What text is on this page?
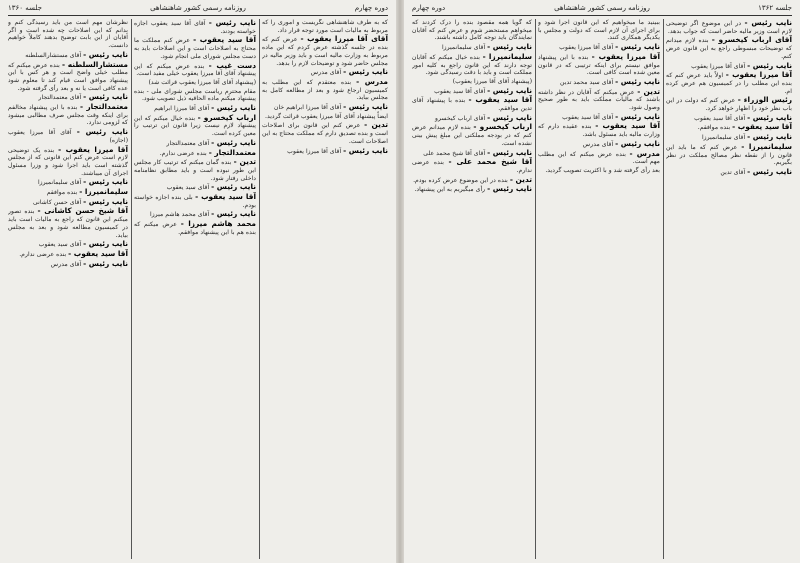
دوره چهارم
روزنامه رسمی کشور شاهنشاهی
جلسه ۱۳۶۰

نظرشان مهم است من باید رسیدگی کنم و بدانم که این اصلاحات چه شده است و اگر آقایان از این بابت توضیح بدهند کاملاً خواهیم دانست.

نایب رئیس - آقای مستشارالسلطنه

مستشارالسلطنه - بنده عرض میکنم که مطلب خیلی واضح است و هر کس با این پیشنهاد موافق است قیام کند تا معلوم شود عده کافی است یا نه و بعد رأی گرفته شود.

نایب رئیس - آقای معتمدالتجار

معتمدالتجار - بنده با این پیشنهاد مخالفم برای اینکه وقت مجلس صرف مطالبی میشود که لزومی ندارد.

نایب رئیس - آقای آقا میرزا یعقوب (اجازه)

آقا میرزا یعقوب - بنده یک توضیحی لازم است عرض کنم این قانونی که از مجلس گذشته است باید اجرا شود و وزرا مسئول اجرای آن میباشند.

نایب رئیس - آقای سلیمانمیرزا

سلیمانمیرزا - بنده موافقم

نایب رئیس - آقای حسن کاشانی

آقا شیخ حسن کاشانی - بنده تصور میکنم این قانون که راجع به مالیات است باید در کمیسیون مطالعه شود و بعد به مجلس بیاید.

نایب رئیس - آقای سید یعقوب

آقا سید یعقوب - بنده عرضی ندارم.

نایب رئیس - آقای مدرس

نایب رئیس - آقای آقا سید یعقوب اجازه خواسته بودند.

آقا سید یعقوب - عرض کنم مملکت ما محتاج به اصلاحات است و این اصلاحات باید به دست مجلس شورای ملی انجام شود.

دست غیب - بنده عرض میکنم که این پیشنهاد آقای آقا میرزا یعقوب خیلی مفید است.

(پیشنهاد آقای آقا میرزا یعقوب قرائت شد)

مقام محترم ریاست مجلس شورای ملی - بنده پیشنهاد میکنم ماده الحاقیه ذیل تصویب شود.

نایب رئیس - آقای آقا میرزا ابراهیم

ارباب کیخسرو - بنده خیال میکنم که این پیشنهاد لازم نیست زیرا قانون این ترتیب را معین کرده است.

نایب رئیس - آقای معتمدالتجار

معتمدالتجار - بنده عرضی ندارم.

تدین - بنده گمان میکنم که ترتیب کار مجلس این طور نبوده است و باید مطابق نظامنامه داخلی رفتار شود.

نایب رئیس - آقای سید یعقوب

آقا سید یعقوب - بلی بنده اجازه خواسته بودم.

نایب رئیس - آقای محمد هاشم میرزا

محمد هاشم میرزا - عرض میکنم که بنده هم با این پیشنهاد موافقم.

که به طرف شاهنشاهی نگریست و اموری را که مربوط به مالیات است مورد توجه قرار داد.

آقای آقا میرزا یعقوب - عرض کنم که بنده در جلسه گذشته عرض کردم که این ماده مربوط به وزارت مالیه است و باید وزیر مالیه در مجلس حاضر شود و توضیحات لازم را بدهد.

نایب رئیس - آقای مدرس

مدرس - بنده معتقدم که این مطلب به کمیسیون ارجاع شود و بعد از مطالعه کامل به مجلس بیاید.

نایب رئیس - آقای آقا میرزا ابراهیم خان

ایضاً پیشنهاد آقای آقا میرزا یعقوب قرائت گردید.

تدین - عرض کنم این قانون برای اصلاحات است و بنده تصدیق دارم که مملکت محتاج به این اصلاحات است.

نایب رئیس - آقای آقا میرزا یعقوب

جلسه ۱۳۶۲
روزنامه رسمی کشور شاهنشاهی
دوره چهارم

که گویا همه مقصود بنده را درک کردند که میخواهم مستحضر شوم و عرض کنم که آقایان نمایندگان باید توجه کامل داشته باشند.

نایب رئیس - آقای سلیمانمیرزا

سلیمانمیرزا - بنده خیال میکنم که آقایان توجه دارند که این قانون راجع به کلیه امور مملکت است و باید با دقت رسیدگی شود.

(پیشنهاد آقای آقا میرزا یعقوب)

نایب رئیس - آقای آقا سید یعقوب

آقا سید یعقوب - بنده با پیشنهاد آقای تدین موافقم.

نایب رئیس - آقای ارباب کیخسرو

ارباب کیخسرو - بنده لازم میدانم عرض کنم که در بودجه مملکتی این مبلغ پیش بینی نشده است.

نایب رئیس - آقای آقا شیخ محمد علی

آقا شیخ محمد علی - بنده عرضی ندارم.

تدین - بنده در این موضوع عرض کرده بودم.

نایب رئیس - رأی میگیریم به این پیشنهاد.

ببینید ما میخواهیم که این قانون اجرا شود و برای اجرای آن لازم است که دولت و مجلس با یکدیگر همکاری کنند.

نایب رئیس - آقای آقا میرزا یعقوب

آقا میرزا یعقوب - بنده با این پیشنهاد موافق نیستم برای اینکه ترتیبی که در قانون معین شده است کافی است.

نایب رئیس - آقای سید محمد تدین

تدین - عرض میکنم که آقایان در نظر داشته باشند که مالیات مملکت باید به طور صحیح وصول شود.

نایب رئیس - آقای آقا سید یعقوب

آقا سید یعقوب - بنده عقیده دارم که وزارت مالیه باید مسئول باشد.

نایب رئیس - آقای مدرس

مدرس - بنده عرض میکنم که این مطلب مهم است.

بعد رأی گرفته شد و با اکثریت تصویب گردید.

نایب رئیس - در این موضوع اگر توضیحی لازم است وزیر مالیه حاضر است که جواب بدهد.

آقای ارباب کیخسرو - بنده لازم میدانم که توضیحات مبسوطی راجع به این قانون عرض کنم.

نایب رئیس - آقای آقا میرزا یعقوب

آقا میرزا یعقوب - اولاً باید عرض کنم که بنده این مطلب را در کمیسیون هم عرض کرده ام.

رئیس الوزراء - عرض کنم که دولت در این باب نظر خود را اظهار خواهد کرد.

نایب رئیس - آقای آقا سید یعقوب

آقا سید یعقوب - بنده موافقم.

نایب رئیس - آقای سلیمانمیرزا

سلیمانمیرزا - عرض کنم که ما باید این قانون را از نقطه نظر مصالح مملکت در نظر بگیریم.

نایب رئیس - آقای تدین
